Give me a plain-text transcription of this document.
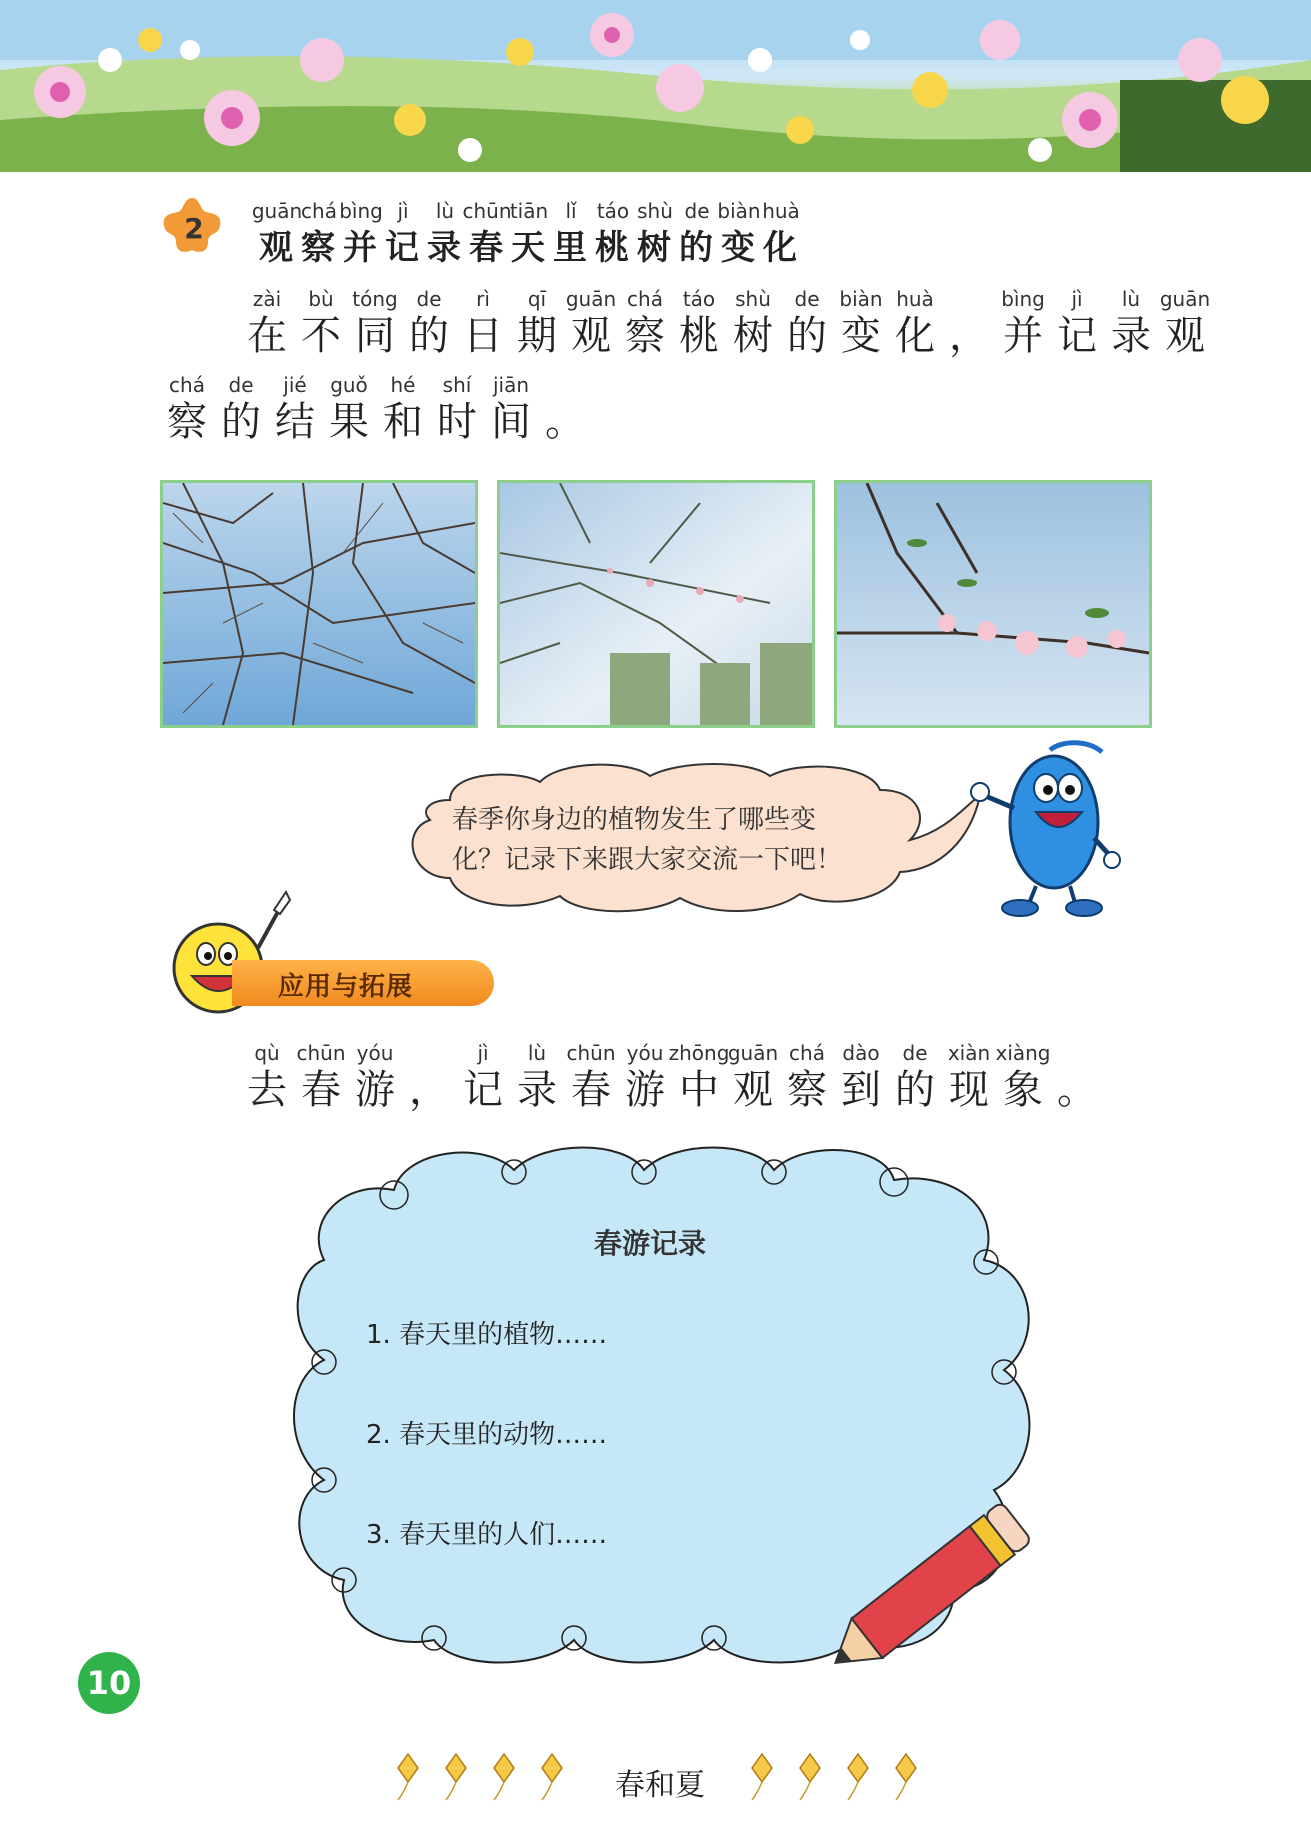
2
guān
观
chá
察
bìng
并
jì
记
lù
录
chūn
春
tiān
天
lǐ
里
táo
桃
shù
树
de
的
biàn
变
huà
化
zài
在
bù
不
tóng
同
de
的
rì
日
qī
期
guān
观
chá
察
táo
桃
shù
树
de
的
biàn
变
huà
化 ，
bìng
并
jì
记
lù
录
guān
观
chá
察
de
的
jié
结
guǒ
果
hé
和
shí
时
jiān
间 。
春季你身边的植物发生了哪些变
化？记录下来跟大家交流一下吧！
应用与拓展
qù
去
chūn
春
yóu
游 ，
jì
记
lù
录
chūn
春
yóu
游
zhōng
中
guān
观
chá
察
dào
到
de
的
xiàn
现
xiàng
象 。
春游记录
1. 春天里的植物……
2. 春天里的动物……
3. 春天里的人们……
10
春和夏
